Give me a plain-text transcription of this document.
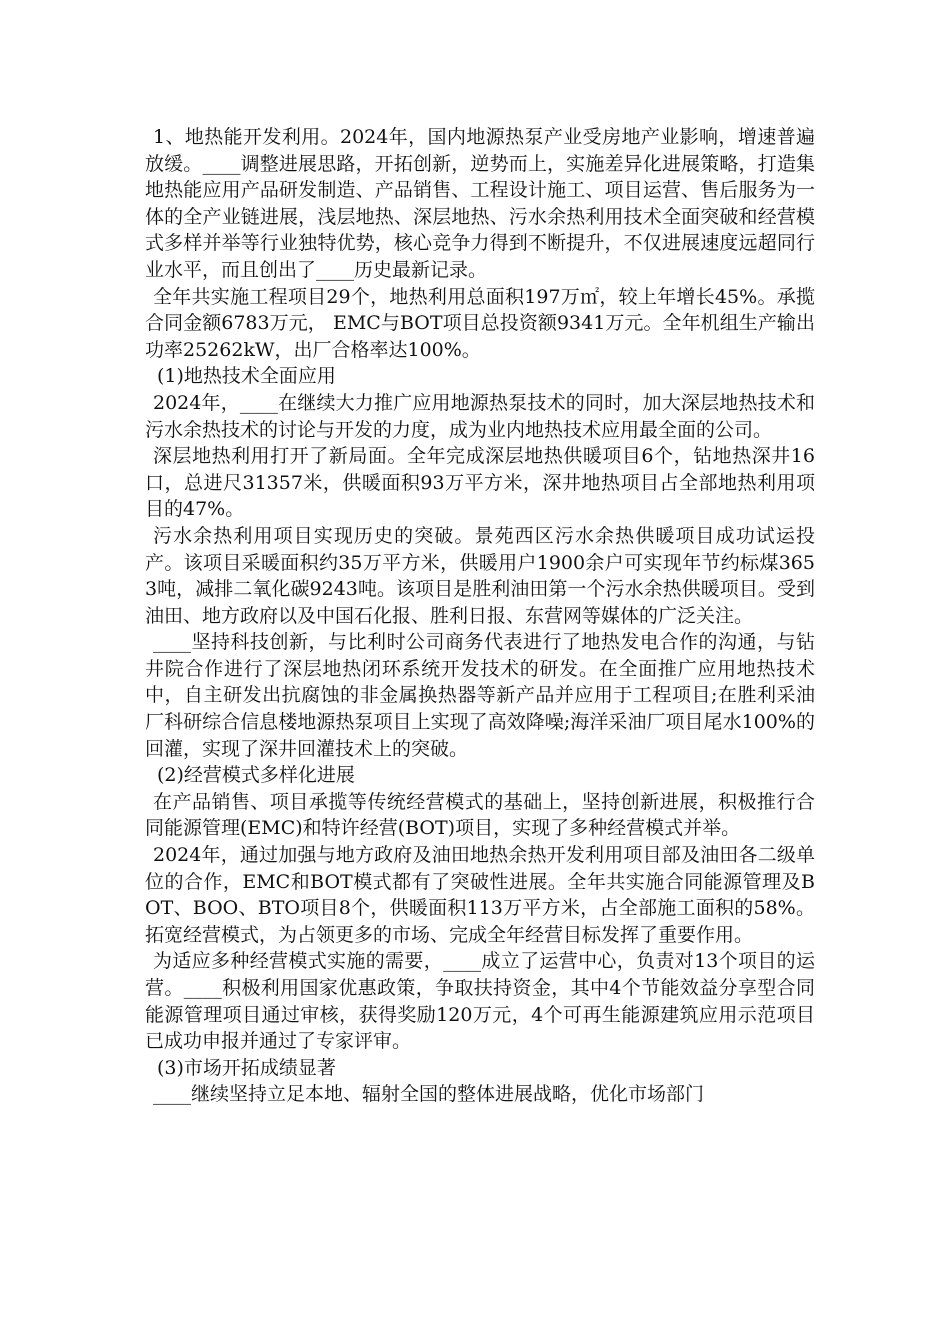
1、地热能开发利用。2024年，国内地源热泵产业受房地产业影响，增速普遍放缓。____调整进展思路，开拓创新，逆势而上，实施差异化进展策略，打造集地热能应用产品研发制造、产品销售、工程设计施工、项目运营、售后服务为一体的全产业链进展，浅层地热、深层地热、污水余热利用技术全面突破和经营模式多样并举等行业独特优势，核心竞争力得到不断提升，不仅进展速度远超同行业水平，而且创出了____历史最新记录。

全年共实施工程项目29个，地热利用总面积197万㎡，较上年增长45%。承揽合同金额6783万元， EMC与BOT项目总投资额9341万元。全年机组生产输出功率25262kW，出厂合格率达100%。

(1)地热技术全面应用

2024年，____在继续大力推广应用地源热泵技术的同时，加大深层地热技术和污水余热技术的讨论与开发的力度，成为业内地热技术应用最全面的公司。

深层地热利用打开了新局面。全年完成深层地热供暖项目6个，钻地热深井16口，总进尺31357米，供暖面积93万平方米，深井地热项目占全部地热利用项目的47%。

污水余热利用项目实现历史的突破。景苑西区污水余热供暖项目成功试运投产。该项目采暖面积约35万平方米，供暖用户1900余户可实现年节约标煤3653吨，减排二氧化碳9243吨。该项目是胜利油田第一个污水余热供暖项目。受到油田、地方政府以及中国石化报、胜利日报、东营网等媒体的广泛关注。

____坚持科技创新，与比利时公司商务代表进行了地热发电合作的沟通，与钻井院合作进行了深层地热闭环系统开发技术的研发。在全面推广应用地热技术中，自主研发出抗腐蚀的非金属换热器等新产品并应用于工程项目;在胜利采油厂科研综合信息楼地源热泵项目上实现了高效降噪;海洋采油厂项目尾水100%的回灌，实现了深井回灌技术上的突破。

(2)经营模式多样化进展

在产品销售、项目承揽等传统经营模式的基础上，坚持创新进展，积极推行合同能源管理(EMC)和特许经营(BOT)项目，实现了多种经营模式并举。

2024年，通过加强与地方政府及油田地热余热开发利用项目部及油田各二级单位的合作，EMC和BOT模式都有了突破性进展。全年共实施合同能源管理及BOT、BOO、BTO项目8个，供暖面积113万平方米，占全部施工面积的58%。拓宽经营模式，为占领更多的市场、完成全年经营目标发挥了重要作用。

为适应多种经营模式实施的需要，____成立了运营中心，负责对13个项目的运营。____积极利用国家优惠政策，争取扶持资金，其中4个节能效益分享型合同能源管理项目通过审核，获得奖励120万元，4个可再生能源建筑应用示范项目已成功申报并通过了专家评审。

(3)市场开拓成绩显著

____继续坚持立足本地、辐射全国的整体进展战略，优化市场部门
